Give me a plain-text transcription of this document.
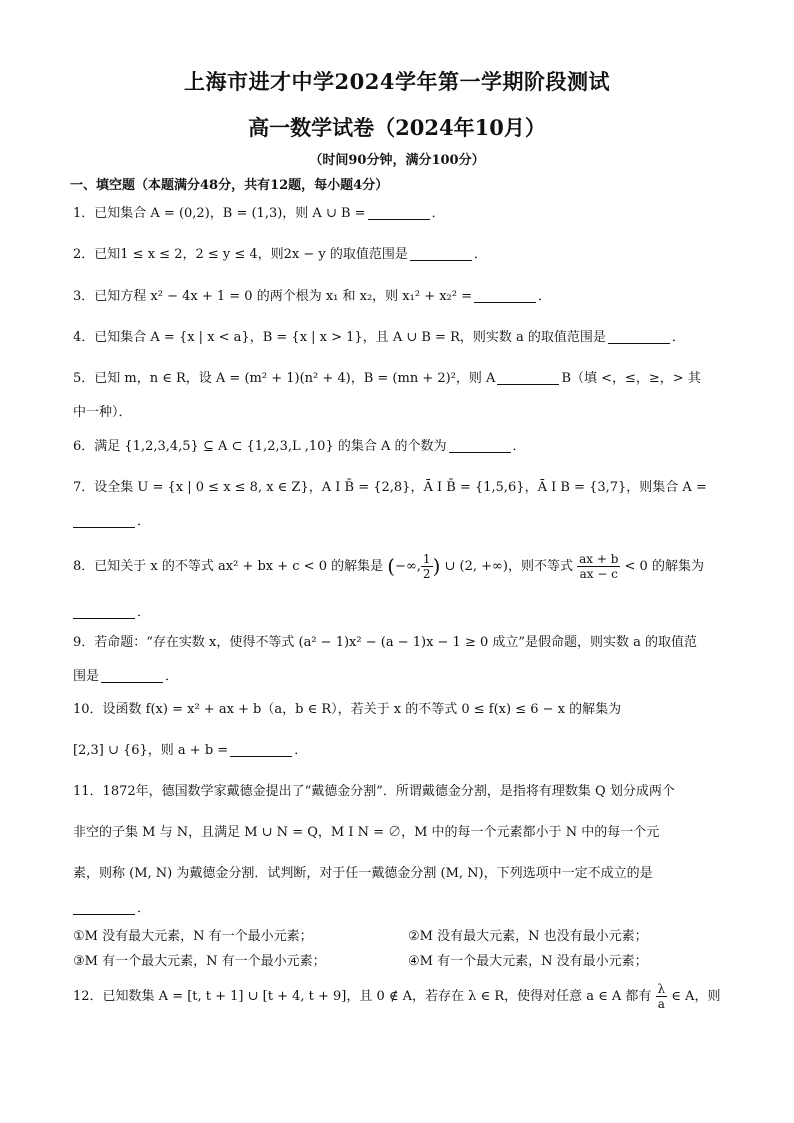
上海市进才中学2024学年第一学期阶段测试
高一数学试卷（2024年10月）
（时间90分钟，满分100分）
一、填空题（本题满分48分，共有12题，每小题4分）
1．已知集合 A = (0,2)，B = (1,3)，则 A ∪ B =	．
2．已知1 ≤ x ≤ 2，2 ≤ y ≤ 4，则2x − y 的取值范围是	．
3．已知方程 x² − 4x + 1 = 0 的两个根为 x₁ 和 x₂，则 x₁² + x₂² =	．
4．已知集合 A = {x | x < a}，B = {x | x > 1}，且 A ∪ B = R，则实数 a 的取值范围是	．
5．已知 m，n ∈ R，设 A = (m² + 1)(n² + 4)，B = (mn + 2)²，则 A	B（填 <，≤，≥，> 其
中一种）．
6．满足 {1,2,3,4,5} ⊆ A ⊂ {1,2,3,L ,10} 的集合 A 的个数为	．
7．设全集 U = {x | 0 ≤ x ≤ 8, x ∈ Z}，A I B̄ = {2,8}，Ā I B̄ = {1,5,6}，Ā I B = {3,7}，则集合 A =
．
8．已知关于 x 的不等式 ax² + bx + c < 0 的解集是 (−∞, $\frac{1}{2}$ ) ∪ (2, +∞)，则不等式 $\frac{ax + b}{ax - c} < 0$ 的解集为
．
9．若命题：“存在实数 x，使得不等式 (a² − 1)x² − (a − 1)x − 1 ≥ 0 成立”是假命题，则实数 a 的取值范
围是	．
10．设函数 f(x) = x² + ax + b（a，b ∈ R），若关于 x 的不等式 0 ≤ f(x) ≤ 6 − x 的解集为
[2,3] ∪ {6}，则 a + b =	．
11．1872年，德国数学家戴德金提出了“戴德金分割”．所谓戴德金分割，是指将有理数集 Q 划分成两个
非空的子集 M 与 N，且满足 M ∪ N = Q，M I N = ∅，M 中的每一个元素都小于 N 中的每一个元
素，则称 (M, N) 为戴德金分割．试判断，对于任一戴德金分割 (M, N)，下列选项中一定不成立的是
．
①M 没有最大元素，N 有一个最小元素；	②M 没有最大元素，N 也没有最小元素；
③M 有一个最大元素，N 有一个最小元素；	④M 有一个最大元素，N 没有最小元素；
12．已知数集 A = [t, t + 1] ∪ [t + 4, t + 9]，且 0 ∉ A，若存在 λ ∈ R，使得对任意 a ∈ A 都有 $\frac{\lambda}{a}$ ∈ A，则
